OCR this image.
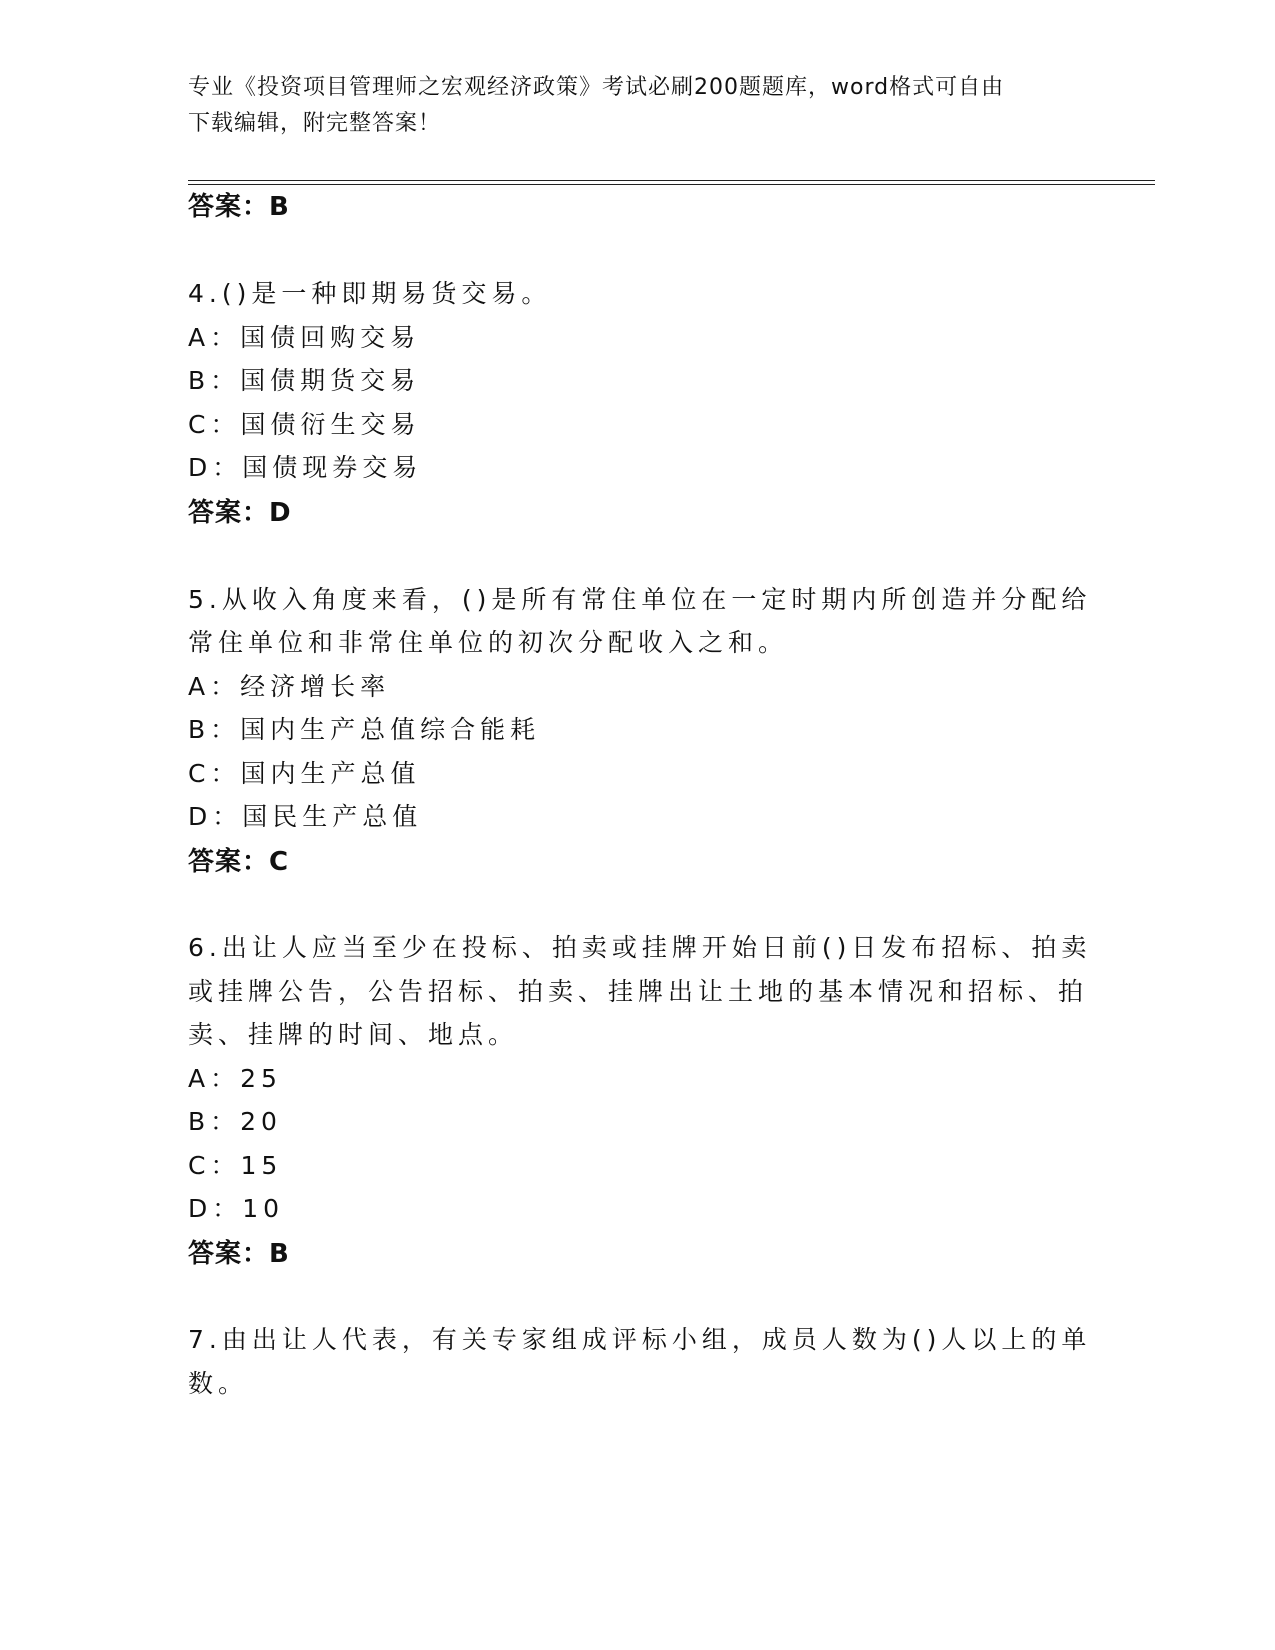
专业《投资项目管理师之宏观经济政策》考试必刷200题题库，word格式可自由
下载编辑，附完整答案！
答案：B
4.()是一种即期易货交易。
A：国债回购交易
B：国债期货交易
C：国债衍生交易
D：国债现券交易
答案：D
5.从收入角度来看，()是所有常住单位在一定时期内所创造并分配给
常住单位和非常住单位的初次分配收入之和。
A：经济增长率
B：国内生产总值综合能耗
C：国内生产总值
D：国民生产总值
答案：C
6.出让人应当至少在投标、拍卖或挂牌开始日前()日发布招标、拍卖
或挂牌公告，公告招标、拍卖、挂牌出让土地的基本情况和招标、拍
卖、挂牌的时间、地点。
A：25
B：20
C：15
D：10
答案：B
7.由出让人代表，有关专家组成评标小组，成员人数为()人以上的单
数。
